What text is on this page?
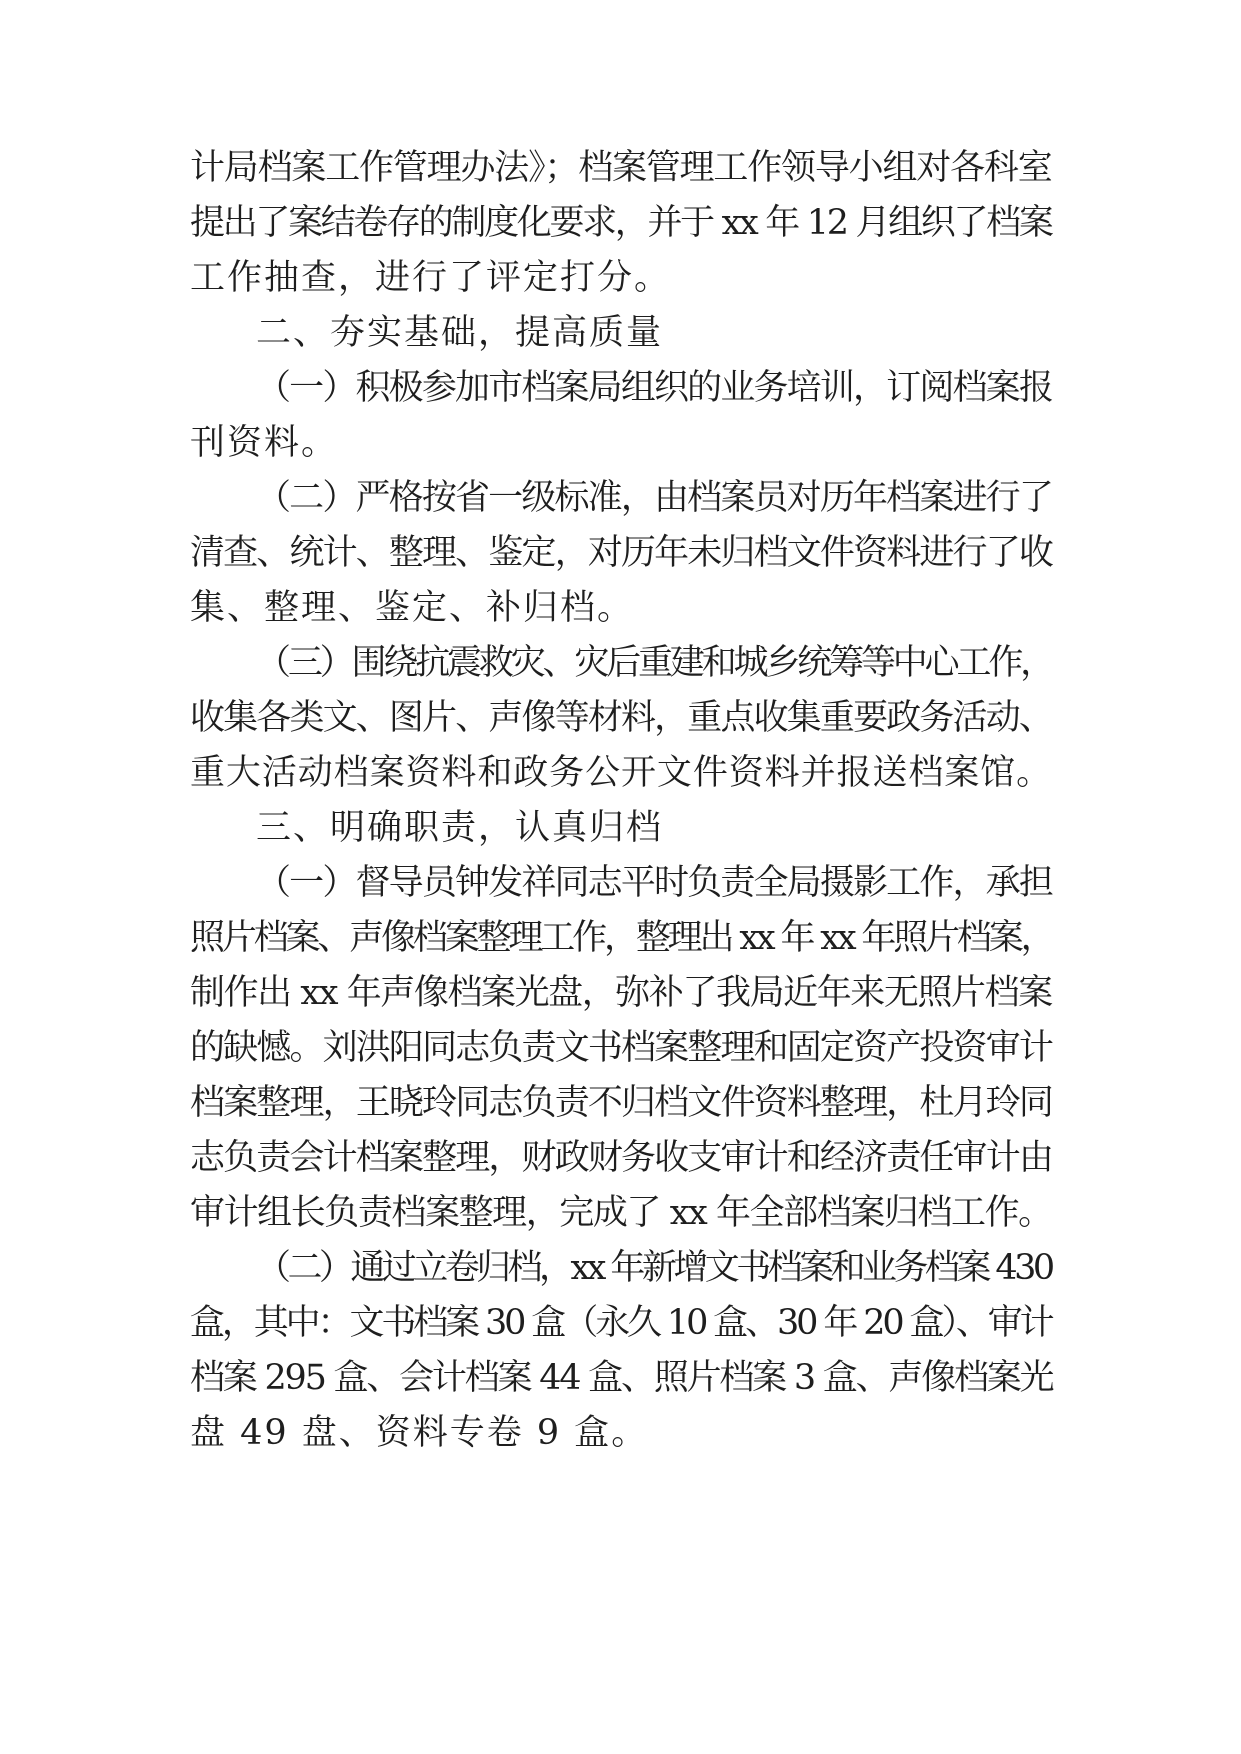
计局档案工作管理办法》；档案管理工作领导小组对各科室
提出了案结卷存的制度化要求，并于 xx 年 12 月组织了档案
工作抽查，进行了评定打分。
二、夯实基础，提高质量
（一）积极参加市档案局组织的业务培训，订阅档案报
刊资料。
（二）严格按省一级标准，由档案员对历年档案进行了
清查、统计、整理、鉴定，对历年未归档文件资料进行了收
集、整理、鉴定、补归档。
（三）围绕抗震救灾、灾后重建和城乡统筹等中心工作，
收集各类文、图片、声像等材料，重点收集重要政务活动、
重大活动档案资料和政务公开文件资料并报送档案馆。
三、明确职责，认真归档
（一）督导员钟发祥同志平时负责全局摄影工作，承担
照片档案、声像档案整理工作，整理出 xx 年 xx 年照片档案，
制作出 xx 年声像档案光盘，弥补了我局近年来无照片档案
的缺憾。刘洪阳同志负责文书档案整理和固定资产投资审计
档案整理，王晓玲同志负责不归档文件资料整理，杜月玲同
志负责会计档案整理，财政财务收支审计和经济责任审计由
审计组长负责档案整理，完成了 xx 年全部档案归档工作。
（二）通过立卷归档，xx 年新增文书档案和业务档案 430
盒，其中：文书档案 30 盒（永久 10 盒、30 年 20 盒）、审计
档案 295 盒、会计档案 44 盒、照片档案 3 盒、声像档案光
盘 49 盘、资料专卷 9 盒。
